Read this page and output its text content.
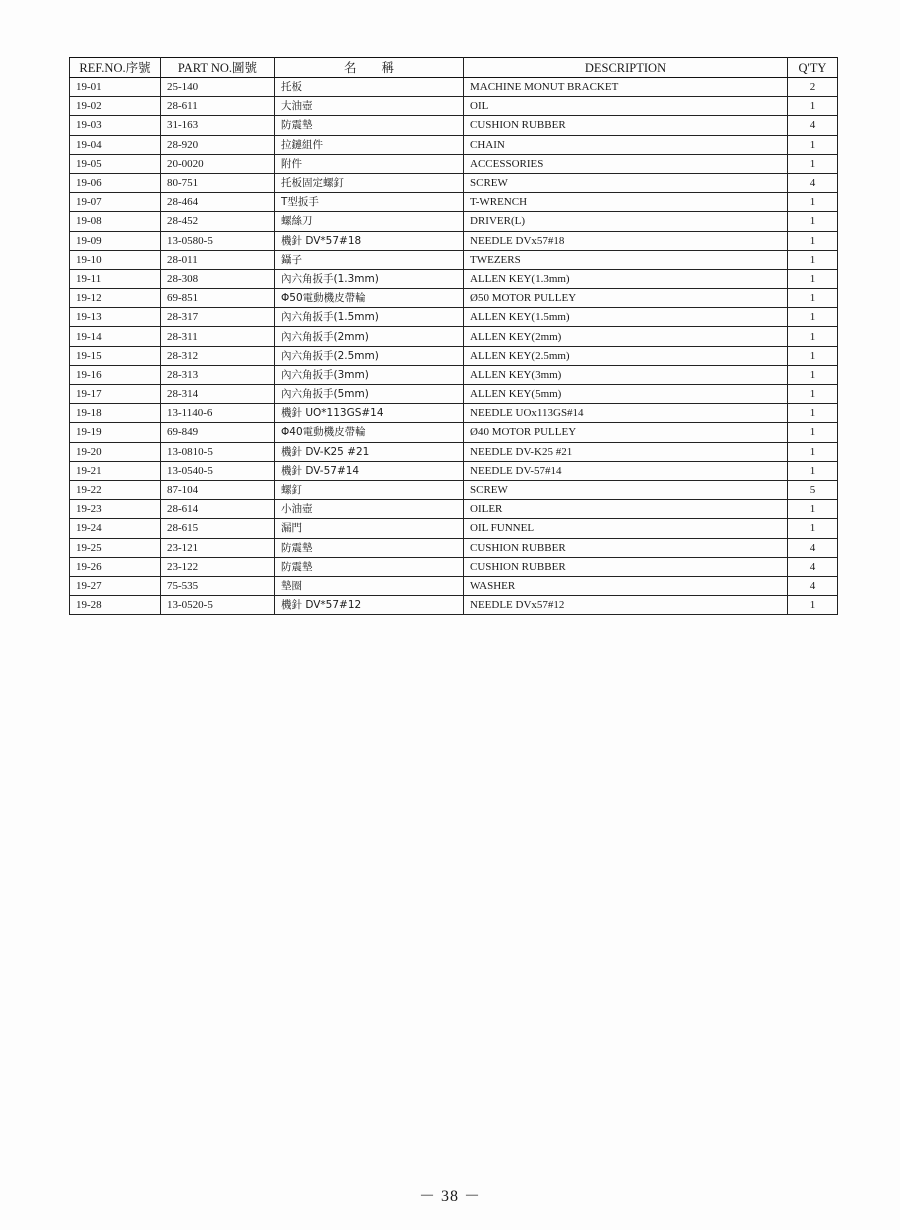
REF.NO.序號	PART NO.圖號	名        稱	DESCRIPTION	Q'TY
19-01	25-140	托板	MACHINE MONUT BRACKET	2
19-02	28-611	大油壺	OIL	1
19-03	31-163	防震墊	CUSHION RUBBER	4
19-04	28-920	拉鏈組件	CHAIN	1
19-05	20-0020	附件	ACCESSORIES	1
19-06	80-751	托板固定螺釘	SCREW	4
19-07	28-464	T型扳手	T-WRENCH	1
19-08	28-452	螺絲刀	DRIVER(L)	1
19-09	13-0580-5	機針 DV*57#18	NEEDLE DVx57#18	1
19-10	28-011	鑷子	TWEZERS	1
19-11	28-308	內六角扳手(1.3mm)	ALLEN KEY(1.3mm)	1
19-12	69-851	Φ50電動機皮帶輪	Ø50 MOTOR PULLEY	1
19-13	28-317	內六角扳手(1.5mm)	ALLEN KEY(1.5mm)	1
19-14	28-311	內六角扳手(2mm)	ALLEN KEY(2mm)	1
19-15	28-312	內六角扳手(2.5mm)	ALLEN KEY(2.5mm)	1
19-16	28-313	內六角扳手(3mm)	ALLEN KEY(3mm)	1
19-17	28-314	內六角扳手(5mm)	ALLEN KEY(5mm)	1
19-18	13-1140-6	機針 UO*113GS#14	NEEDLE UOx113GS#14	1
19-19	69-849	Φ40電動機皮帶輪	Ø40 MOTOR PULLEY	1
19-20	13-0810-5	機針 DV-K25 #21	NEEDLE DV-K25 #21	1
19-21	13-0540-5	機針 DV-57#14	NEEDLE DV-57#14	1
19-22	87-104	螺釘	SCREW	5
19-23	28-614	小油壺	OILER	1
19-24	28-615	漏門	OIL FUNNEL	1
19-25	23-121	防震墊	CUSHION RUBBER	4
19-26	23-122	防震墊	CUSHION RUBBER	4
19-27	75-535	墊圈	WASHER	4
19-28	13-0520-5	機針 DV*57#12	NEEDLE DVx57#12	1
－ 38 －
